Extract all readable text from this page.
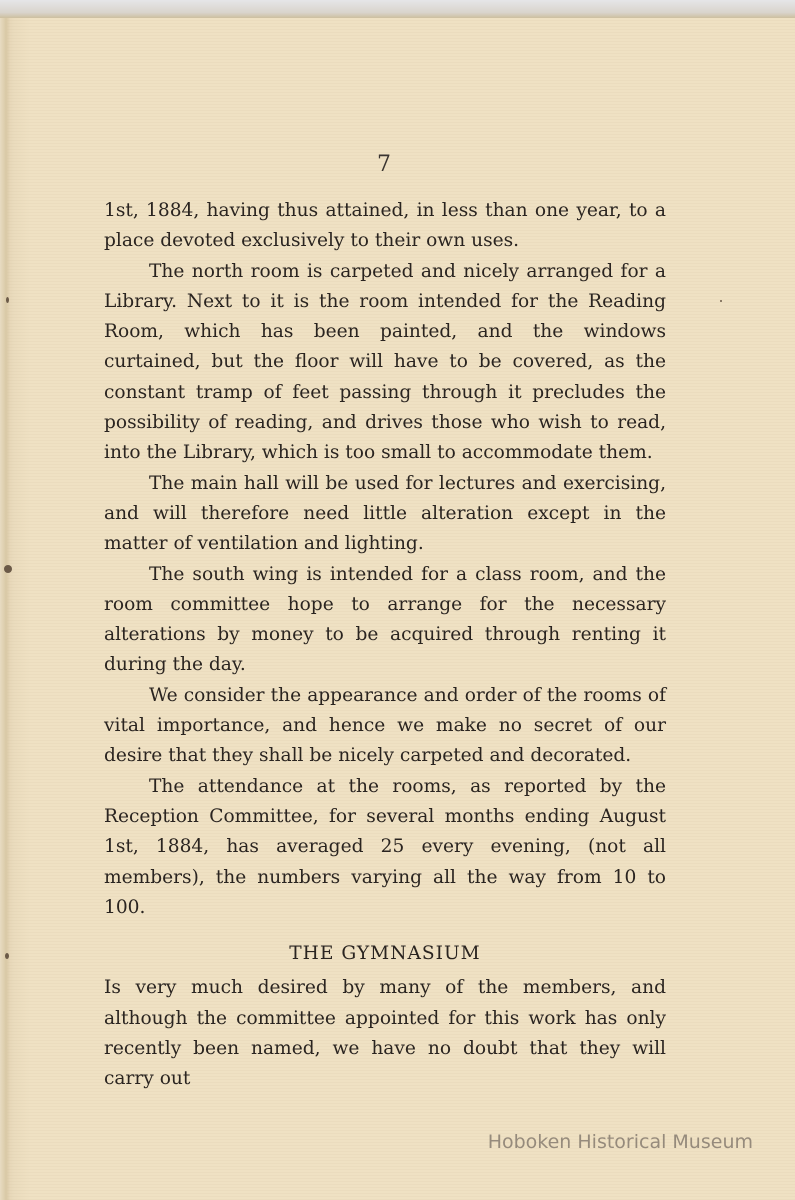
7

1st, 1884, having thus attained, in less than one year, to a place devoted exclusively to their own uses.

The north room is carpeted and nicely arranged for a Library. Next to it is the room intended for the Reading Room, which has been painted, and the windows curtained, but the floor will have to be covered, as the constant tramp of feet passing through it precludes the possibility of reading, and drives those who wish to read, into the Library, which is too small to accommodate them.

The main hall will be used for lectures and exercising, and will therefore need little alteration except in the matter of ventilation and lighting.

The south wing is intended for a class room, and the room committee hope to arrange for the necessary alterations by money to be acquired through renting it during the day.

We consider the appearance and order of the rooms of vital importance, and hence we make no secret of our desire that they shall be nicely carpeted and decorated.

The attendance at the rooms, as reported by the Reception Committee, for several months ending August 1st, 1884, has averaged 25 every evening, (not all members), the numbers varying all the way from 10 to 100.

THE GYMNASIUM

Is very much desired by many of the members, and although the committee appointed for this work has only recently been named, we have no doubt that they will carry out

Hoboken Historical Museum
